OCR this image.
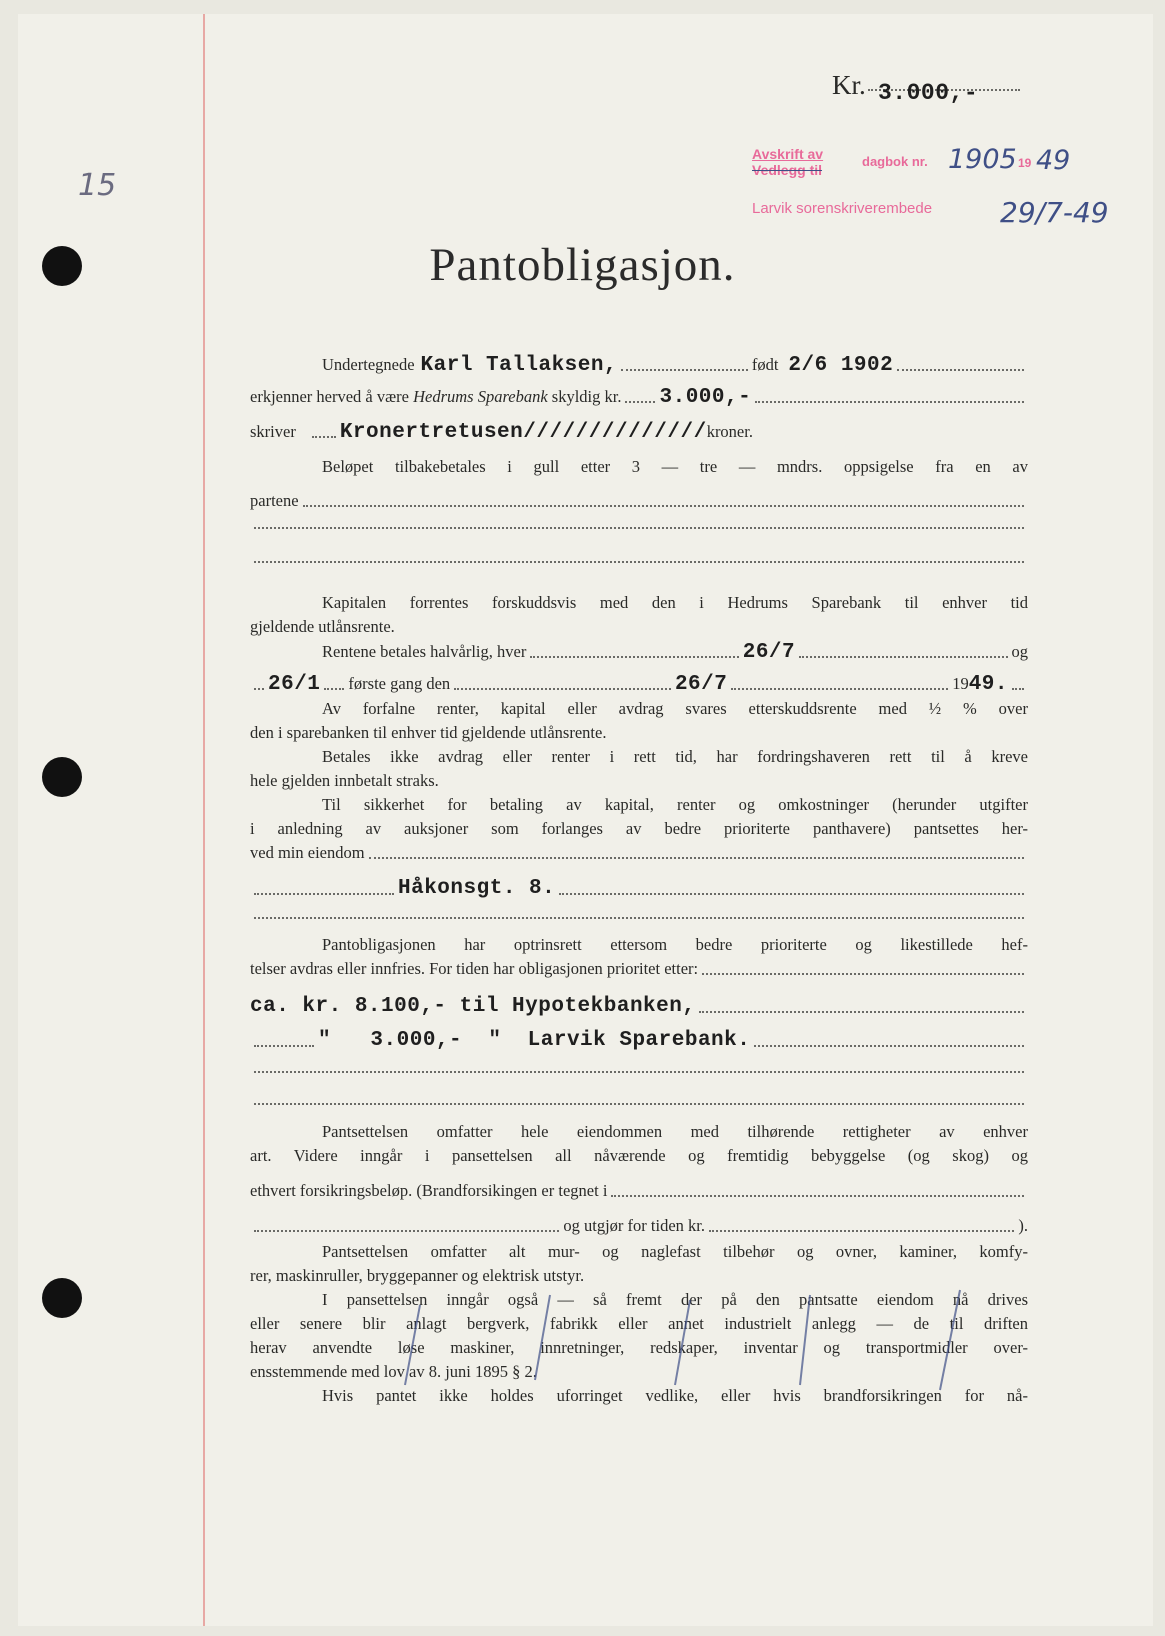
15
Kr. 3.000,-
Avskrift av
Vedlegg til
dagbok nr. 1905 19 49
Larvik sorenskriverembede 29/7-49
Pantobligasjon.
Undertegnede Karl Tallaksen,	født 2/6 1902
erkjenner herved å være
Hedrums Sparebank
skyldig kr. 3.000,-
skriver Kronertretusen////////////// kroner.
Beløpet tilbakebetales i gull etter 3 — tre — mndrs. oppsigelse fra en av
partene
Kapitalen forrentes forskuddsvis med den i Hedrums Sparebank til enhver tid
gjeldende utlånsrente.
Rentene betales halvårlig, hver	26/7	og
26/1 første gang den	26/7	19 49.
Av forfalne renter, kapital eller avdrag svares etterskuddsrente med ½ % over
den i sparebanken til enhver tid gjeldende utlånsrente.
Betales ikke avdrag eller renter i rett tid, har fordringshaveren rett til å kreve
hele gjelden innbetalt straks.
Til sikkerhet for betaling av kapital, renter og omkostninger (herunder utgifter
i anledning av auksjoner som forlanges av bedre prioriterte panthavere) pantsettes her-
ved min eiendom
Håkonsgt. 8.
Pantobligasjonen har optrinsrett ettersom bedre prioriterte og likestillede hef-
telser avdras eller innfries. For tiden har obligasjonen prioritet etter:
ca. kr. 8.100,- til Hypotekbanken,
"   3.000,-  "  Larvik Sparebank.
Pantsettelsen omfatter hele eiendommen med tilhørende rettigheter av enhver
art. Videre inngår i pansettelsen all nåværende og fremtidig bebyggelse (og skog) og
ethvert forsikringsbeløp. (Brandforsikingen er tegnet i
og utgjør for tiden kr.	).
Pantsettelsen omfatter alt mur- og naglefast tilbehør og ovner, kaminer, komfy-
rer, maskinruller, bryggepanner og elektrisk utstyr.
I pansettelsen inngår også — så fremt der på den pantsatte eiendom nå drives
eller senere blir anlagt bergverk, fabrikk eller annet industrielt anlegg — de til driften
herav anvendte løse maskiner, innretninger, redskaper, inventar og transportmidler over-
ensstemmende med lov av 8. juni 1895 § 2.
Hvis pantet ikke holdes uforringet vedlike, eller hvis brandforsikringen for nå-
